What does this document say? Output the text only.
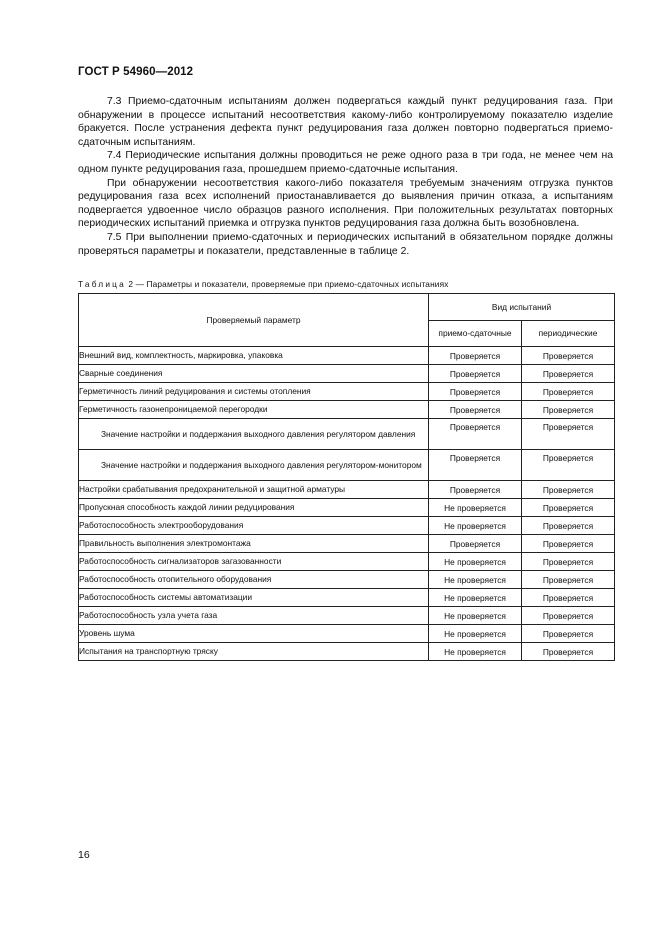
ГОСТ Р 54960—2012

7.3 Приемо-сдаточным испытаниям должен подвергаться каждый пункт редуцирования газа. При обнаружении в процессе испытаний несоответствия какому-либо контролируемому показателю изделие бракуется. После устранения дефекта пункт редуцирования газа должен повторно подвергаться приемо-сдаточным испытаниям.

7.4 Периодические испытания должны проводиться не реже одного раза в три года, не менее чем на одном пункте редуцирования газа, прошедшем приемо-сдаточные испытания.

При обнаружении несоответствия какого-либо показателя требуемым значениям отгрузка пунктов редуцирования газа всех исполнений приостанавливается до выявления причин отказа, а испытаниям подвергается удвоенное число образцов разного исполнения. При положительных результатах повторных периодических испытаний приемка и отгрузка пунктов редуцирования газа должна быть возобновлена.

7.5 При выполнении приемо-сдаточных и периодических испытаний в обязательном порядке должны проверяться параметры и показатели, представленные в таблице 2.

Таблица 2 — Параметры и показатели, проверяемые при приемо-сдаточных испытаниях
Проверяемый параметр	Вид испытаний	
	приемо-сдаточные	периодические
Внешний вид, комплектность, маркировка, упаковка	Проверяется	Проверяется
Сварные соединения	Проверяется	Проверяется
Герметичность линий редуцирования и системы отопления	Проверяется	Проверяется
Герметичность газонепроницаемой перегородки	Проверяется	Проверяется
Значение настройки и поддержания выходного давления регулятором давления	Проверяется	Проверяется
Значение настройки и поддержания выходного давления регулятором-монитором	Проверяется	Проверяется
Настройки срабатывания предохранительной и защитной арматуры	Проверяется	Проверяется
Пропускная способность каждой линии редуцирования	Не проверяется	Проверяется
Работоспособность электрооборудования	Не проверяется	Проверяется
Правильность выполнения электромонтажа	Проверяется	Проверяется
Работоспособность сигнализаторов загазованности	Не проверяется	Проверяется
Работоспособность отопительного оборудования	Не проверяется	Проверяется
Работоспособность системы автоматизации	Не проверяется	Проверяется
Работоспособность узла учета газа	Не проверяется	Проверяется
Уровень шума	Не проверяется	Проверяется
Испытания на транспортную тряску	Не проверяется	Проверяется
16
